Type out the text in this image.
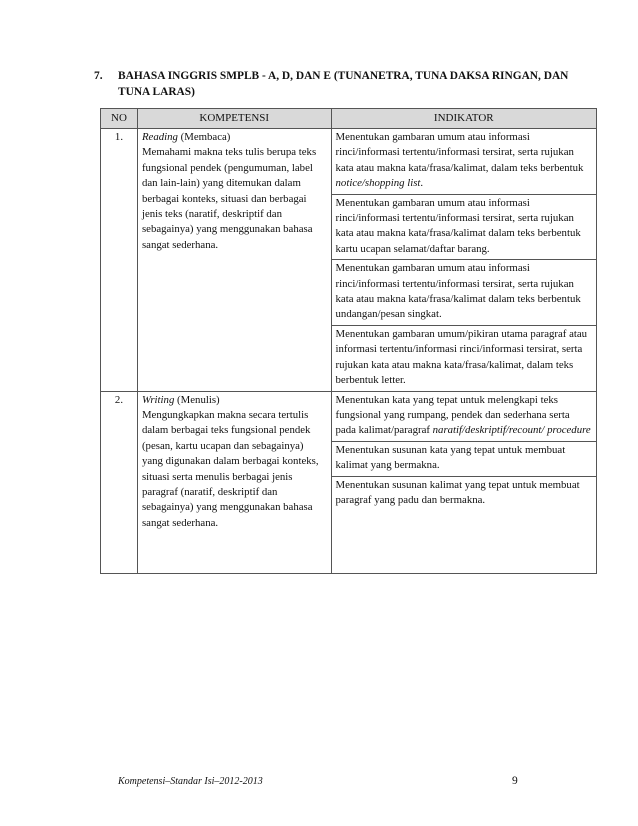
7. BAHASA INGGRIS SMPLB - A, D, DAN E (TUNANETRA, TUNA DAKSA RINGAN, DAN TUNA LARAS)
NO	KOMPETENSI	INDIKATOR
1.	Reading (Membaca)
Memahami makna teks tulis berupa teks fungsional pendek (pengumuman, label dan lain-lain) yang ditemukan dalam berbagai konteks, situasi dan berbagai jenis teks (naratif, deskriptif dan sebagainya) yang menggunakan bahasa sangat sederhana.	Menentukan gambaran umum atau informasi rinci/informasi tertentu/informasi tersirat, serta rujukan kata atau makna kata/frasa/kalimat, dalam teks berbentuk notice/shopping list.
		Menentukan gambaran umum atau informasi rinci/informasi tertentu/informasi tersirat, serta rujukan kata atau makna kata/frasa/kalimat dalam teks berbentuk kartu ucapan selamat/daftar barang.
		Menentukan gambaran umum atau informasi rinci/informasi tertentu/informasi tersirat, serta rujukan kata atau makna kata/frasa/kalimat dalam teks berbentuk undangan/pesan singkat.
		Menentukan gambaran umum/pikiran utama paragraf atau informasi tertentu/informasi rinci/informasi tersirat, serta rujukan kata atau makna kata/frasa/kalimat, dalam teks berbentuk letter.
2.	Writing (Menulis)
Mengungkapkan makna secara tertulis dalam berbagai teks fungsional pendek (pesan, kartu ucapan dan sebagainya) yang digunakan dalam berbagai konteks, situasi serta menulis berbagai jenis paragraf (naratif, deskriptif dan sebagainya) yang menggunakan bahasa sangat sederhana.	Menentukan kata yang tepat untuk melengkapi teks fungsional yang rumpang, pendek dan sederhana serta pada kalimat/paragraf naratif/deskriptif/recount/ procedure
		Menentukan susunan kata yang tepat untuk membuat kalimat yang bermakna.
		Menentukan susunan kalimat yang tepat untuk membuat paragraf yang padu dan bermakna.
Kompetensi–Standar Isi–2012-2013	9
